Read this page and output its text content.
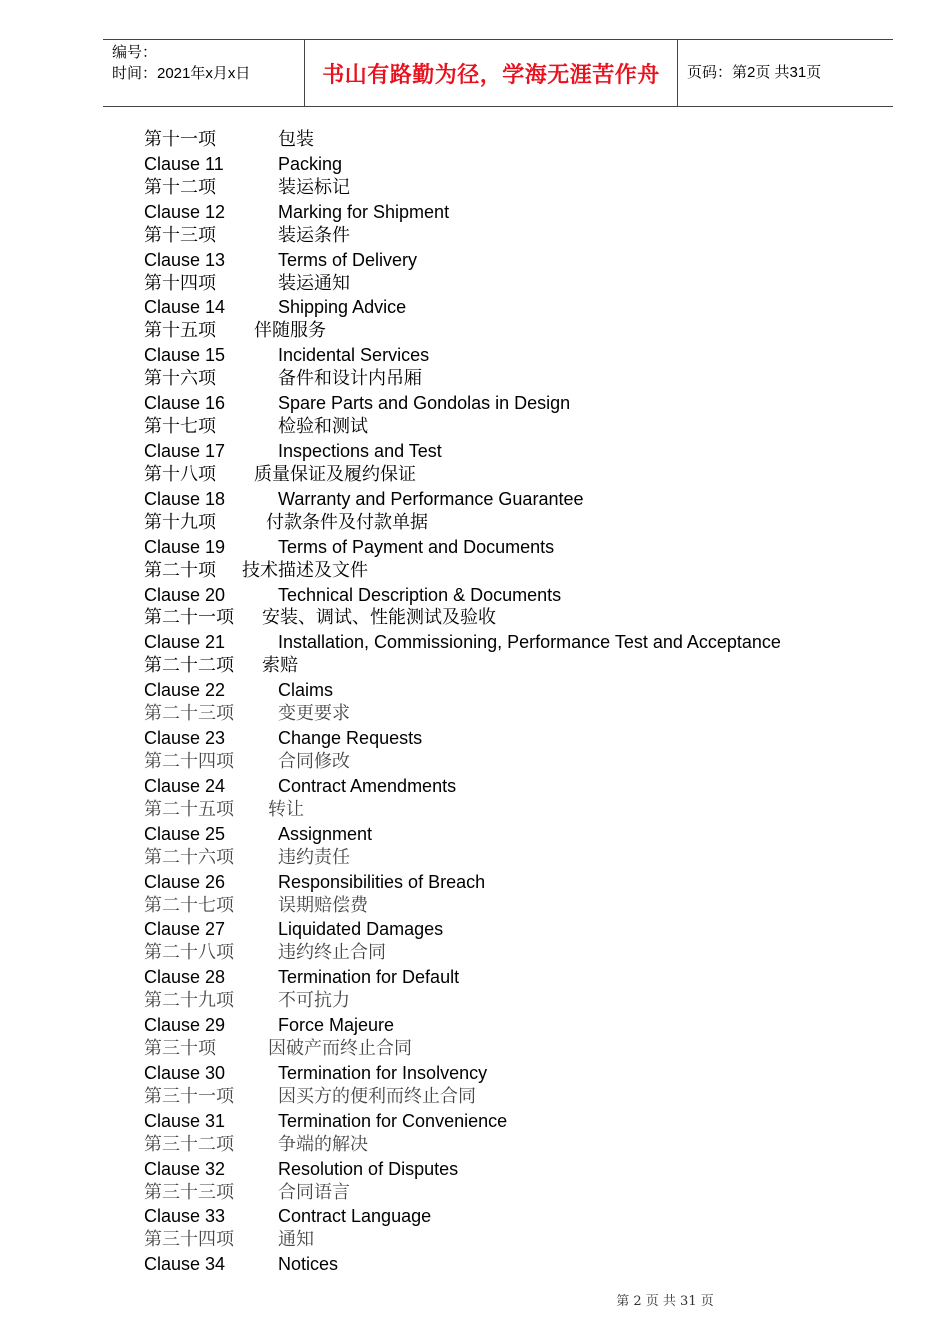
编号：
时间：2021年x月x日	书山有路勤为径，学海无涯苦作舟	页码：第2页 共31页
第十一项	包装
Clause 11	Packing
第十二项	装运标记
Clause 12	Marking for Shipment
第十三项	装运条件
Clause 13	Terms of Delivery
第十四项	装运通知
Clause 14	Shipping Advice
第十五项 伴随服务
Clause 15	Incidental Services
第十六项	备件和设计内吊厢
Clause 16	Spare Parts and Gondolas in Design
第十七项	检验和测试
Clause 17	Inspections and Test
第十八项 质量保证及履约保证
Clause 18	Warranty and Performance Guarantee
第十九项	付款条件及付款单据
Clause 19	Terms of Payment and Documents
第二十项 技术描述及文件
Clause 20	Technical Description & Documents
第二十一项 安装、调试、性能测试及验收
Clause 21	Installation, Commissioning, Performance Test and Acceptance
第二十二项 索赔
Clause 22	Claims
第二十三项 变更要求
Clause 23	Change Requests
第二十四项 合同修改
Clause 24	Contract Amendments
第二十五项 转让
Clause 25	Assignment
第二十六项 违约责任
Clause 26	Responsibilities of Breach
第二十七项 误期赔偿费
Clause 27	Liquidated Damages
第二十八项 违约终止合同
Clause 28	Termination for Default
第二十九项 不可抗力
Clause 29	Force Majeure
第三十项	因破产而终止合同
Clause 30	Termination for Insolvency
第三十一项 因买方的便利而终止合同
Clause 31	Termination for Convenience
第三十二项 争端的解决
Clause 32	Resolution of Disputes
第三十三项 合同语言
Clause 33	Contract Language
第三十四项 通知
Clause 34	Notices
第 2 页 共 31 页
